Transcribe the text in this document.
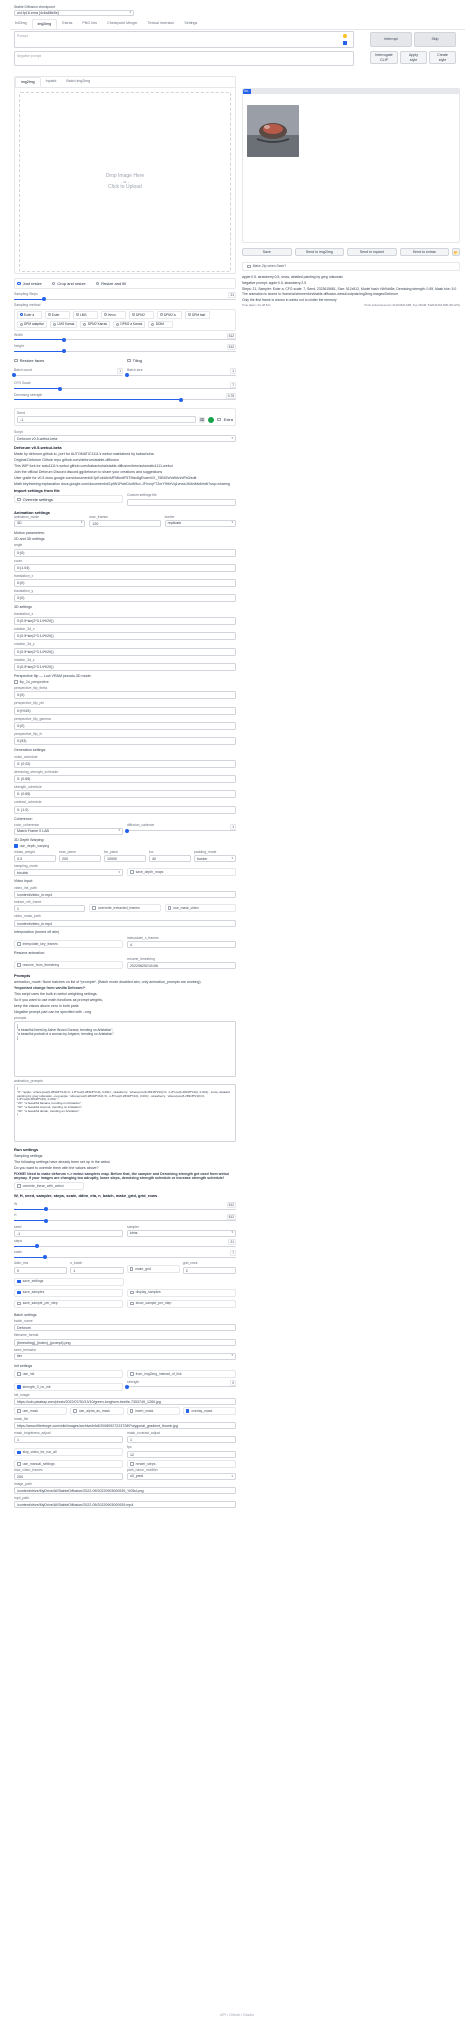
Stable Diffusion checkpoint
wd-fp16-ema [4c6a88e5e]
▾
txt2img	img2img	Extras	PNG Info	Checkpoint Merger	Textual inversion	Settings
Prompt
Negative prompt
Interrupt	Skip
Interrogate
CLIP
Apply
style
Create
style
img2img	Inpaint	Batch img2img
Drop Image Here
- or -
Click to Upload
Just resize	Crop and resize	Resize and fill
Sampling Steps	21
Sampling method
Euler a	Euler	LMS	Heun	DPM2	DPM2 a	DPM fast
DPM adaptive	LMS Karras	DPM2 Karras	DPM2 a Karras	DDIM
Width	512
Height	512
Restore faces	Tiling
Batch count	1	Batch size	1
CFG Scale	7
Denoising strength	0.75
Seed
-1	⚄	Extra
Script
Deforum v0.5-webui-beta
▾
Deforum v0.5-webui-beta
Made by deforum.github.io, port for AUTOMATIC1111's webui maintained by kabachuha
Original Deforum Github repo github.com/deforum/stable-diffusion
This WIP fork for auto1111's webui github.com/kabachuha/stable-diffusion/tree/automatic1111-webui
Join the official Deforum Discord discord.gg/deforum to share your creations and suggestions
User guide for v0.5 docs.google.com/document/d/1pEobUknMFMkn6F5TMsv8gRoamXX_75BlGWnWAnhIFb0/edit
Math keyframing explanation docs.google.com/document/d/1pfW1PwbDIuW9cv-JFIvvqYT2mY9HeVq1vnxwJM4nMv8/edit?usp=sharing
Import settings from file
Override settings
Custom settings file
Animation settings
animation_mode
3D
▾
max_frames
120
border
replicate
▾
Motion parameters:
2D and 3D settings
angle
0:(0)
zoom
0:(1.04)
translation_x
0:(0)
translation_y
0:(0)
3D settings
translation_z
0:(0.5*sin(2*3.14*t/20))
rotation_3d_x
0:(0.5*sin(2*3.14*t/20))
rotation_3d_y
0:(0.5*sin(2*3.14*t/20))
rotation_3d_z
0:(0.5*sin(2*3.14*t/20))
Perspective flip — Low VRAM pseudo-3D mode:
flip_2d_perspective
perspective_flip_theta
0:(0)
perspective_flip_phi
0:(t%15)
perspective_flip_gamma
0:(0)
perspective_flip_fv
0:(53)
Generation settings:
noise_schedule
0: (0.02)
denoising_strength_schedule
0: (0.65)
strength_schedule
0: (0.65)
contrast_schedule
0: (1.0)
Coherence:
color_coherence
Match Frame 0 LAB
▾
diffusion_cadence
1
3D Depth Warping:
use_depth_warping
midas_weight
0.3
near_plane
200
far_plane
10000
fov
40
padding_mode
border
▾
sampling_mode
bicubic
▾	save_depth_maps
Video Input:
video_init_path
/content/video_in.mp4
extract_nth_frame
1	overwrite_extracted_frames	use_mask_video
video_mask_path
/content/video_in.mp4
Interpolation (turned off atm)
interpolate_key_frames
interpolate_x_frames
4
Resume animation:
resume_from_timestring
resume_timestring
20220829210106
Prompts
animation_mode: None batches on list of *prompts*. (Batch mode disabled atm, only animation_prompts are working)
*Important change from vanilla Deforum!*
This script uses the built-in webui weighting settings.
So if you want to use math functions as prompt weights,
keep the values above zero in both parts
Negative prompt part can be specified with --neg
prompts
[
"a beautiful forest by Asher Brown Durand, trending on Artstation",
"a beautiful portrait of a woman by Artgerm, trending on Artstation"
]
animation_prompts
{
"0": "apple: `where(cos(6.28318*t/10)>0, 1.8*cos(6.28318*t/10), 0.001)`, strawberry: `where(cos(6.28318*t/10)<0, -1.8*cos(6.28318*t/10), 0.001)`, snow, detailed painting by greg rutkowski --neg apple: `where(cos(6.28318*t/10)<0, -1.8*cos(6.28318*t/10), 0.001)`, strawberry: `where(cos(6.28318*t/10)>0, 1.8*cos(6.28318*t/10), 0.001)`",
"20": "a beautiful banana, trending on Artstation",
"30": "a beautiful coconut, trending on Artstation",
"40": "a beautiful durian, trending on Artstation"
}
Run settings
Sampling settings
The following settings have already been set up in the webui
Do you want to override them with the values above?
FIXME! Need to make deforum <-> webui samplers map. Before that, the sampler and Denoising strength get used from webui anyway. If your images are changing too adruptly, lower steps, denoising strength schedule or increase strength schedule!
override_these_with_webui
W, H, seed, sampler, steps, scale, ddim_eta, n_batch, make_grid, grid_rows
W	512
H	512
seed
-1
sampler
klms
▾
steps	21
scale	7
ddim_eta
0
n_batch
1	make_grid
grid_rows
2
save_settings
save_samples	display_samples
save_sample_per_step	show_sample_per_step
Batch settings
batch_name
Deforum
filename_format
{timestring}_{index}_{prompt}.png
seed_behavior
iter
▾
Init settings
use_init	from_img2img_instead_of_link
strength_0_no_init
strength	0
init_image
https://cdn.pixabay.com/photo/2022/07/30/13/10/green-longhorn-beetle-7353749_1280.jpg
use_mask	use_alpha_as_mask	invert_mask	overlay_mask
mask_file
https://www.filterforge.com/wiki/images/archive/b/b8/20080927223728!Polygonal_gradient_thumb.jpg
mask_brightness_adjust
1
mask_contrast_adjust
1
skip_video_for_run_all
fps
12
use_manual_settings	render_steps
max_video_frames
200
path_name_modifier
x0_pred
▾
image_path
/content/drive/MyDrive/AI/StableDiffusion/2022-09/20220903000939_%05d.png
mp4_path
/content/drive/MyDrive/AI/StableDiffusion/2022-09/20220903000939.mp4
0%
Save	Send to img2img	Send to inpaint	Send to extras	📂
Make Zip when Save?
apple:0.5, strawberry:0.5, snow, detailed painting by greg rutkowski
Negative prompt: apple:0.5, strawberry:2.5
Steps: 21, Sampler: Euler a, CFG scale: 7, Seed: 2323615681, Size: 512x512, Model hash: f4b9dd5e, Denoising strength: 0.65, Mask blur: 5.0
The animation is stored in /home/ai/chemer/bin/stable-diffusion-webui/outputs/img2img-images/Deforum
Only the first frame is shown in webui not to clutter the memory
Time taken: 3m 28.51s	Torch active/reserved: 3143/3624 MiB, Sys VRAM: 5420/11264 MiB (48.12%)
API • Github • Gradio
